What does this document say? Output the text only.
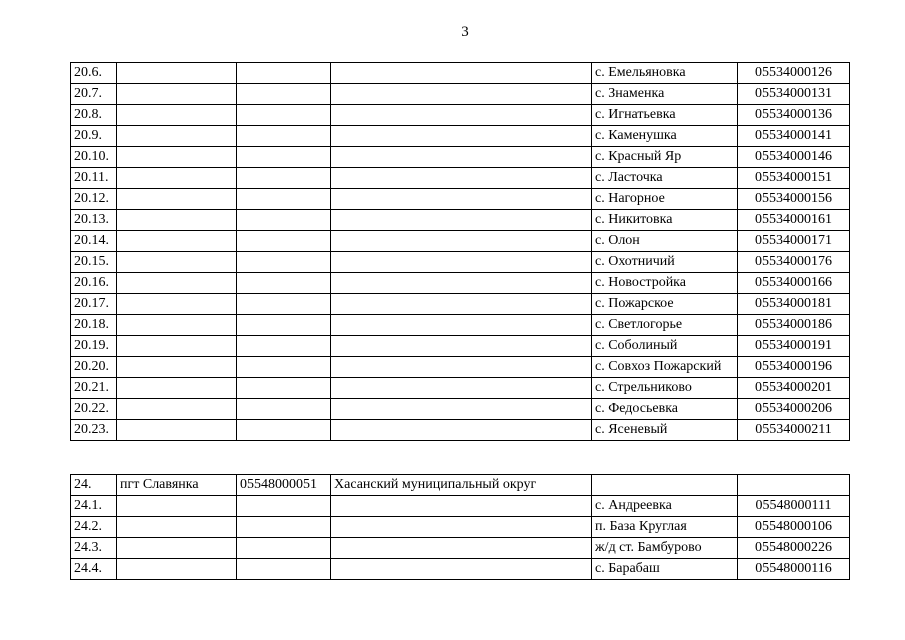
3
20.6.				с. Емельяновка	05534000126
20.7.				с. Знаменка	05534000131
20.8.				с. Игнатьевка	05534000136
20.9.				с. Каменушка	05534000141
20.10.				с. Красный Яр	05534000146
20.11.				с. Ласточка	05534000151
20.12.				с. Нагорное	05534000156
20.13.				с. Никитовка	05534000161
20.14.				с. Олон	05534000171
20.15.				с. Охотничий	05534000176
20.16.				с. Новостройка	05534000166
20.17.				с. Пожарское	05534000181
20.18.				с. Светлогорье	05534000186
20.19.				с. Соболиный	05534000191
20.20.				с. Совхоз Пожарский	05534000196
20.21.				с. Стрельниково	05534000201
20.22.				с. Федосьевка	05534000206
20.23.				с. Ясеневый	05534000211
24.	пгт Славянка	05548000051	Хасанский муниципальный округ		
24.1.				с. Андреевка	05548000111
24.2.				п. База Круглая	05548000106
24.3.				ж/д ст. Бамбурово	05548000226
24.4.				с. Барабаш	05548000116
